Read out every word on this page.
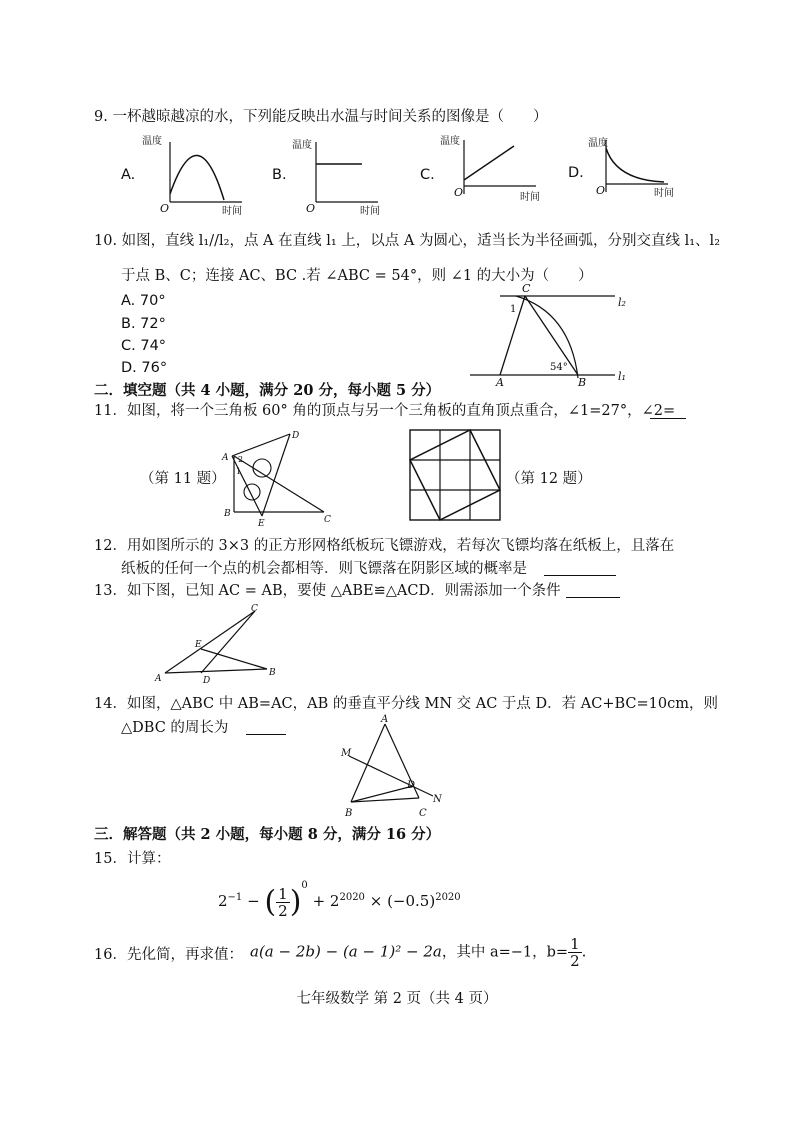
9. 一杯越晾越凉的水，下列能反映出水温与时间关系的图像是（　　）
A.
温度
时间
O
B.
温度
时间
O
C.
温度
时间
O
D.
温度
时间
O
10. 如图，直线 l₁//l₂，点 A 在直线 l₁ 上，以点 A 为圆心，适当长为半径画弧，分别交直线 l₁、l₂
于点 B、C；连接 AC、BC .若 ∠ABC = 54°，则 ∠1 的大小为（　　）
A. 70°
B. 72°
C. 74°
D. 76°
C
A	B
l₂
l₁
1
54°
二．填空题（共 4 小题，满分 20 分，每小题 5 分）
11．如图，将一个三角板 60° 角的顶点与另一个三角板的直角顶点重合，∠1=27°，∠2=
（第 11 题）
A
D
B
E	C
1
2
（第 12 题）
12．用如图所示的 3×3 的正方形网格纸板玩飞镖游戏，若每次飞镖均落在纸板上，且落在
纸板的任何一个点的机会都相等．则飞镖落在阴影区域的概率是
13．如下图，已知 AC = AB，要使 △ABE≌△ACD．则需添加一个条件
A
B
C
D
E
14．如图，△ABC 中 AB=AC，AB 的垂直平分线 MN 交 AC 于点 D．若 AC+BC=10cm，则
△DBC 的周长为
A
M
D
N
B	C
三．解答题（共 2 小题，每小题 8 分，满分 16 分）
15．计算：
$2^{-1}$ − ( $\frac{1}{2} )^0 + 2^{2020} \times (-0.5)^{2020}$
16．先化简，再求值： a(a − 2b) − (a − 1)² − 2a，其中 a=−1，$b= \frac{1}{2}$ .
七年级数学 第 2 页（共 4 页）
